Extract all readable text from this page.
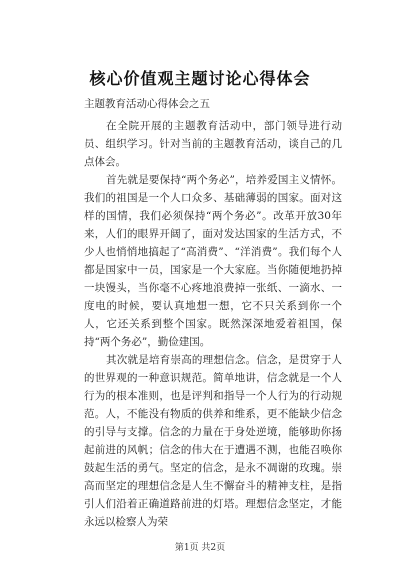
核心价值观主题讨论心得体会
主题教育活动心得体会之五

在全院开展的主题教育活动中，部门领导进行动员、组织学习。针对当前的主题教育活动，谈自己的几点体会。

首先就是要保持“两个务必”，培养爱国主义情怀。我们的祖国是一个人口众多、基础薄弱的国家。面对这样的国情，我们必须保持“两个务必”。改革开放30年来，人们的眼界开阔了，面对发达国家的生活方式，不少人也悄悄地搞起了“高消费”、“洋消费”。我们每个人都是国家中一员，国家是一个大家庭。当你随便地扔掉一块馒头，当你毫不心疼地浪费掉一张纸、一滴水、一度电的时候，要认真地想一想，它不只关系到你一个人，它还关系到整个国家。既然深深地爱着祖国，保持“两个务必”，勤俭建国。

其次就是培育崇高的理想信念。信念，是贯穿于人的世界观的一种意识规范。简单地讲，信念就是一个人行为的根本准则，也是评判和指导一个人行为的行动规范。人，不能没有物质的供养和维系，更不能缺少信念的引导与支撑。信念的力量在于身处逆境，能够助你扬起前进的风帆；信念的伟大在于遭遇不测，也能召唤你鼓起生活的勇气。坚定的信念，是永不凋谢的玫瑰。崇高而坚定的理想信念是人生不懈奋斗的精神支柱，是指引人们沿着正确道路前进的灯塔。理想信念坚定，才能永远以检察人为荣

第1页 共2页
